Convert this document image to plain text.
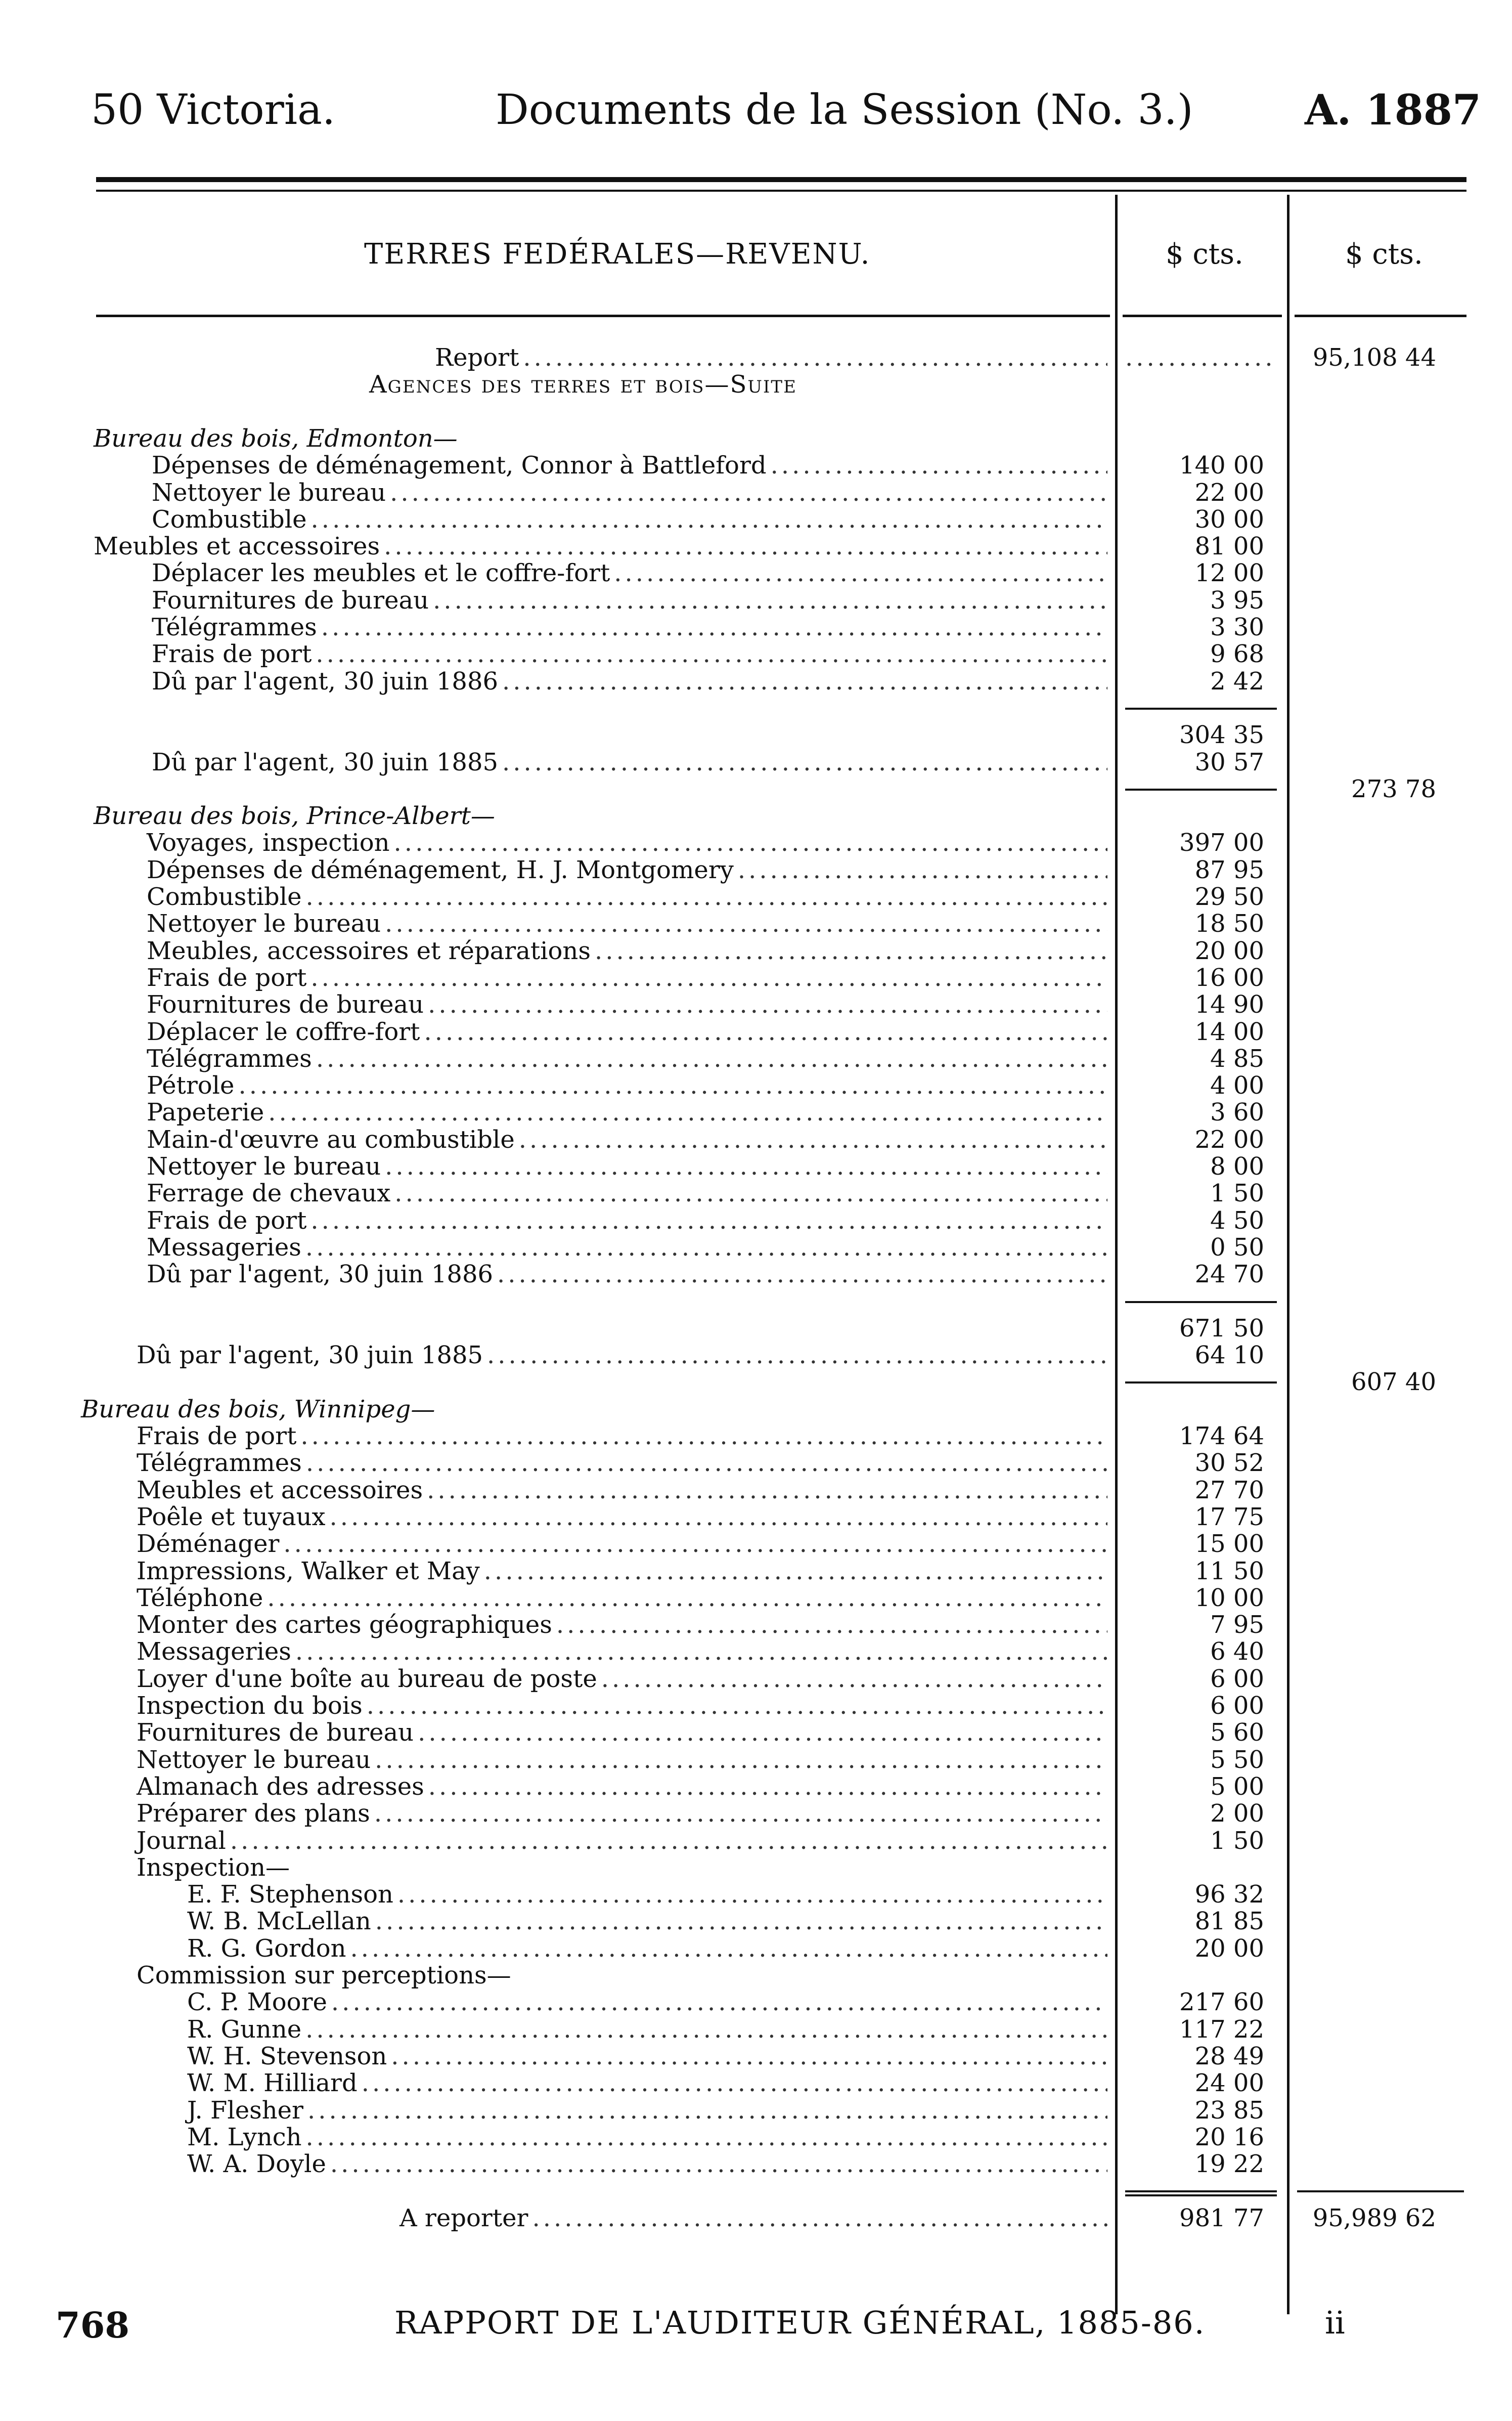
50 Victoria.	Documents de la Session (No. 3.)	A. 1887
TERRES FEDÉRALES—REVENU.	$ cts.	$ cts.
Report ..... .....	95,108 44
Agences des terres et bois—Suite
Bureau des bois, Edmonton—
Dépenses de déménagement, Connor à Battleford .....	140 00
Nettoyer le bureau .....	22 00
Combustible .....	30 00
Meubles et accessoires .....	81 00
Déplacer les meubles et le coffre-fort .....	12 00
Fournitures de bureau .....	3 95
Télégrammes .....	3 30
Frais de port .....	9 68
Dû par l'agent, 30 juin 1886 .....	2 42
304 35
Dû par l'agent, 30 juin 1885 .....	30 57
273 78
Bureau des bois, Prince-Albert—
Voyages, inspection .....	397 00
Dépenses de déménagement, H. J. Montgomery .....	87 95
Combustible .....	29 50
Nettoyer le bureau .....	18 50
Meubles, accessoires et réparations .....	20 00
Frais de port .....	16 00
Fournitures de bureau .....	14 90
Déplacer le coffre-fort .....	14 00
Télégrammes .....	4 85
Pétrole .....	4 00
Papeterie .....	3 60
Main-d'œuvre au combustible .....	22 00
Nettoyer le bureau .....	8 00
Ferrage de chevaux .....	1 50
Frais de port .....	4 50
Messageries .....	0 50
Dû par l'agent, 30 juin 1886 .....	24 70
671 50
Dû par l'agent, 30 juin 1885 .....	64 10
607 40
Bureau des bois, Winnipeg—
Frais de port .....	174 64
Télégrammes .....	30 52
Meubles et accessoires .....	27 70
Poêle et tuyaux .....	17 75
Déménager .....	15 00
Impressions, Walker et May .....	11 50
Téléphone .....	10 00
Monter des cartes géographiques .....	7 95
Messageries .....	6 40
Loyer d'une boîte au bureau de poste .....	6 00
Inspection du bois .....	6 00
Fournitures de bureau .....	5 60
Nettoyer le bureau .....	5 50
Almanach des adresses .....	5 00
Préparer des plans .....	2 00
Journal .....	1 50
Inspection—
E. F. Stephenson .....	96 32
W. B. McLellan .....	81 85
R. G. Gordon .....	20 00
Commission sur perceptions—
C. P. Moore .....	217 60
R. Gunne .....	117 22
W. H. Stevenson .....	28 49
W. M. Hilliard .....	24 00
J. Flesher .....	23 85
M. Lynch .....	20 16
W. A. Doyle .....	19 22
A reporter .....	981 77	95,989 62
768	RAPPORT DE L'AUDITEUR GÉNÉRAL, 1885-86.	ii
